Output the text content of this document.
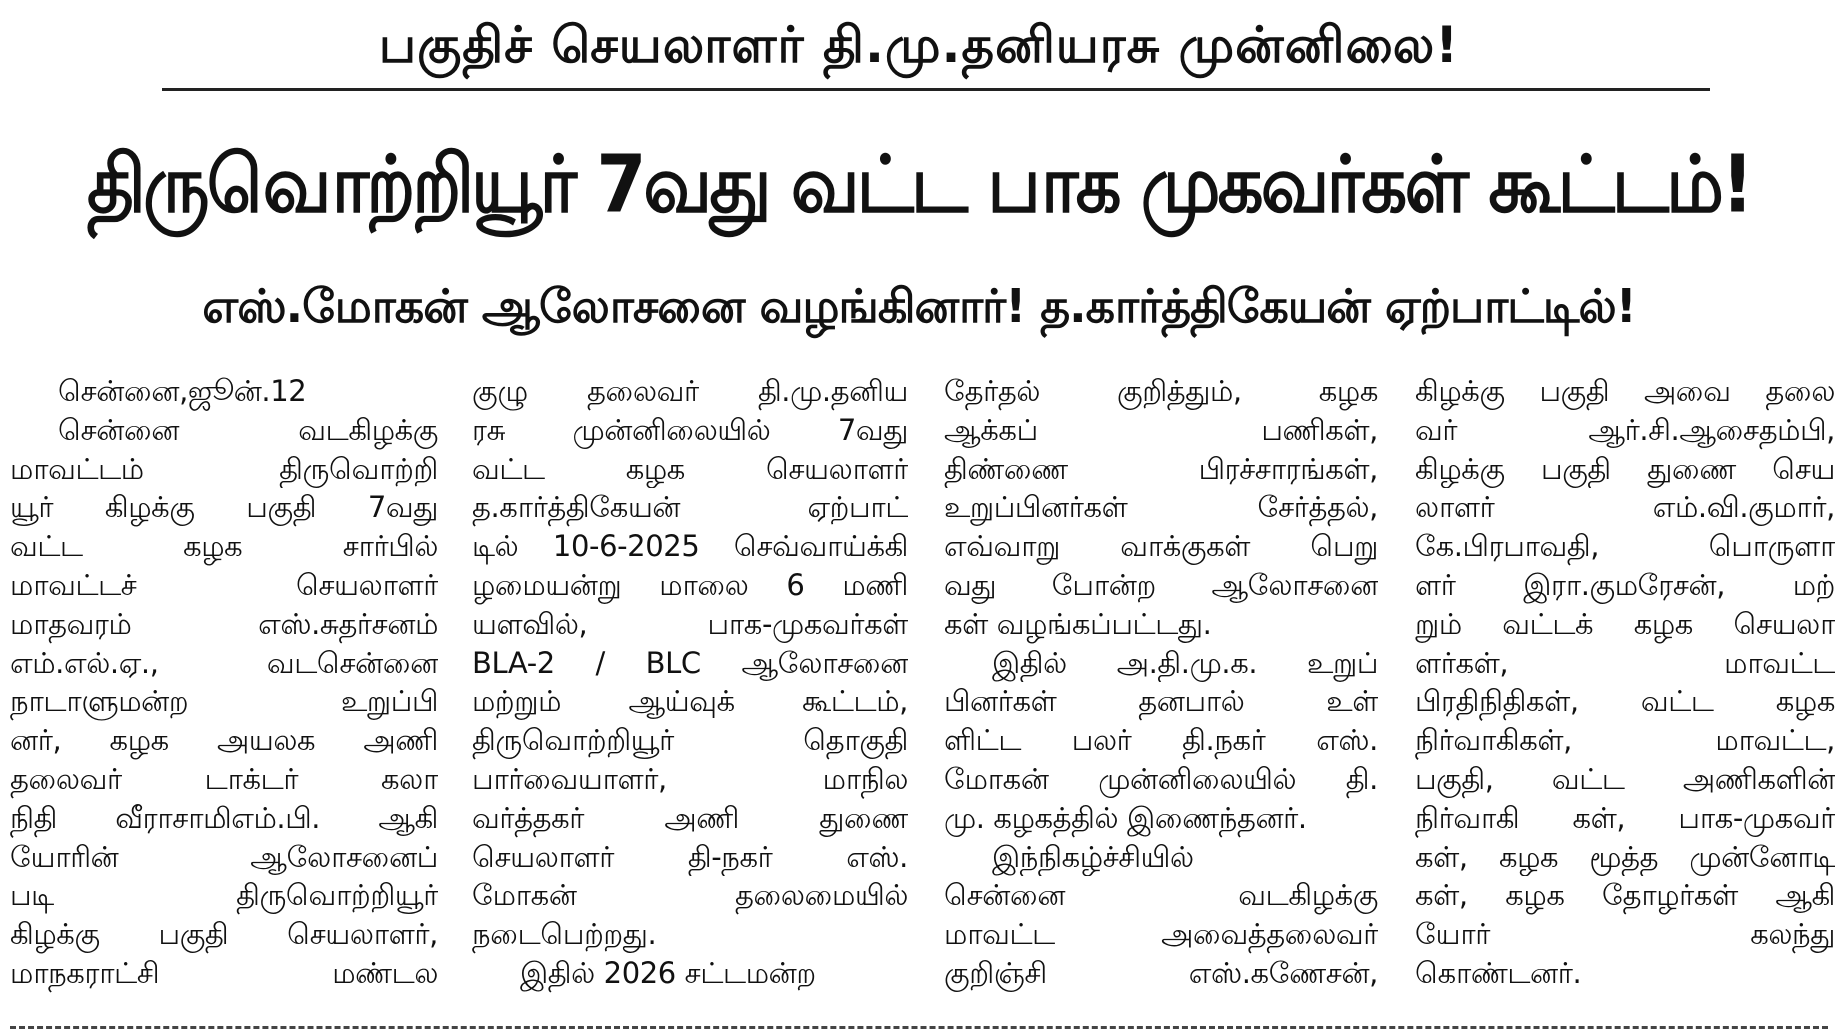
பகுதிச் செயலாளர் தி.மு.தனியரசு முன்னிலை!
திருவொற்றியூர் 7வது வட்ட பாக முகவர்கள் கூட்டம்!
எஸ்.மோகன் ஆலோசனை வழங்கினார்! த.கார்த்திகேயன் ஏற்பாட்டில்!
சென்னை,ஜூன்.12
சென்னை வடகிழக்கு
மாவட்டம் திருவொற்றி
யூர் கிழக்கு பகுதி 7வது
வட்ட கழக சார்பில்
மாவட்டச் செயலாளர்
மாதவரம் எஸ்.சுதர்சனம்
எம்.எல்.ஏ., வடசென்னை
நாடாளுமன்ற உறுப்பி
னர், கழக அயலக அணி
தலைவர் டாக்டர் கலா
நிதி வீராசாமிஎம்.பி. ஆகி
யோரின் ஆலோசனைப்
படி திருவொற்றியூர்
கிழக்கு பகுதி செயலாளர்,
மாநகராட்சி மண்டல
குழு தலைவர் தி.மு.தனிய
ரசு முன்னிலையில் 7வது
வட்ட கழக செயலாளர்
த.கார்த்திகேயன் ஏற்பாட்
டில் 10-6-2025 செவ்வாய்க்கி
ழமையன்று மாலை 6 மணி
யளவில், பாக-முகவர்கள்
BLA-2 / BLC ஆலோசனை
மற்றும் ஆய்வுக் கூட்டம்,
திருவொற்றியூர் தொகுதி
பார்வையாளர், மாநில
வர்த்தகர் அணி துணை
செயலாளர் தி-நகர் எஸ்.
மோகன் தலைமையில்
நடைபெற்றது.
இதில் 2026 சட்டமன்ற
தேர்தல் குறித்தும், கழக
ஆக்கப் பணிகள்,
திண்ணை பிரச்சாரங்கள்,
உறுப்பினர்கள் சேர்த்தல்,
எவ்வாறு வாக்குகள் பெறு
வது போன்ற ஆலோசனை
கள் வழங்கப்பட்டது.
இதில் அ.தி.மு.க. உறுப்
பினர்கள் தனபால் உள்
ளிட்ட பலர் தி.நகர் எஸ்.
மோகன் முன்னிலையில் தி.
மு. கழகத்தில் இணைந்தனர்.
இந்நிகழ்ச்சியில்
சென்னை வடகிழக்கு
மாவட்ட அவைத்தலைவர்
குறிஞ்சி எஸ்.கணேசன்,
கிழக்கு பகுதி அவை தலை
வர் ஆர்.சி.ஆசைதம்பி,
கிழக்கு பகுதி துணை செய
லாளர் எம்.வி.குமார்,
கே.பிரபாவதி, பொருளா
ளர் இரா.குமரேசன், மற்
றும் வட்டக் கழக செயலா
ளர்கள், மாவட்ட
பிரதிநிதிகள், வட்ட கழக
நிர்வாகிகள், மாவட்ட,
பகுதி, வட்ட அணிகளின்
நிர்வாகி கள், பாக-முகவர்
கள், கழக மூத்த முன்னோடி
கள், கழக தோழர்கள் ஆகி
யோர் கலந்து
கொண்டனர்.
